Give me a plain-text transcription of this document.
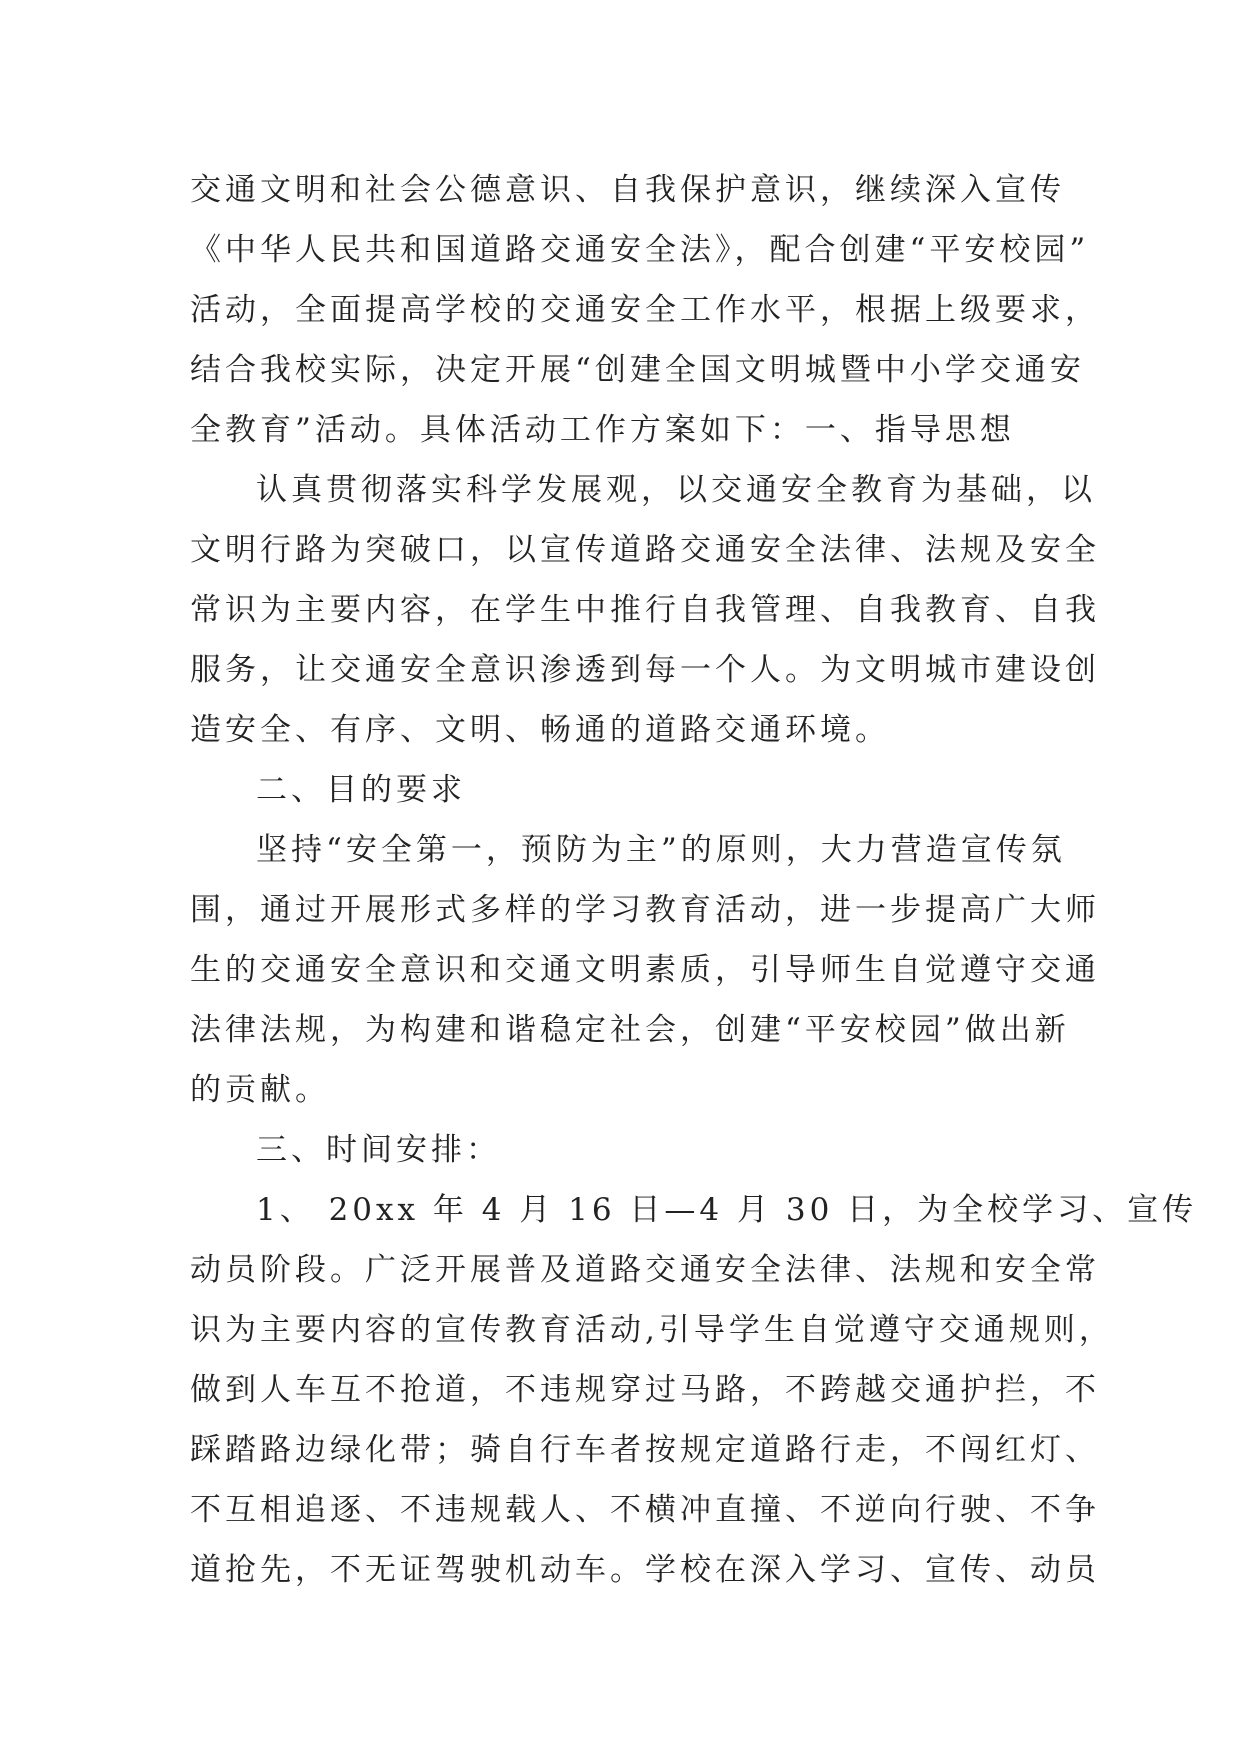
交通文明和社会公德意识、自我保护意识，继续深入宣传
《中华人民共和国道路交通安全法》，配合创建“平安校园”
活动，全面提高学校的交通安全工作水平，根据上级要求，
结合我校实际，决定开展“创建全国文明城暨中小学交通安
全教育”活动。具体活动工作方案如下：一、指导思想
认真贯彻落实科学发展观，以交通安全教育为基础，以
文明行路为突破口，以宣传道路交通安全法律、法规及安全
常识为主要内容，在学生中推行自我管理、自我教育、自我
服务，让交通安全意识渗透到每一个人。为文明城市建设创
造安全、有序、文明、畅通的道路交通环境。
二、目的要求
坚持“安全第一，预防为主”的原则，大力营造宣传氛
围，通过开展形式多样的学习教育活动，进一步提高广大师
生的交通安全意识和交通文明素质，引导师生自觉遵守交通
法律法规，为构建和谐稳定社会，创建“平安校园”做出新
的贡献。
三、时间安排：
1、 20xx 年 4 月 16 日—4 月 30 日，为全校学习、宣传
动员阶段。广泛开展普及道路交通安全法律、法规和安全常
识为主要内容的宣传教育活动,引导学生自觉遵守交通规则，
做到人车互不抢道，不违规穿过马路，不跨越交通护拦，不
踩踏路边绿化带；骑自行车者按规定道路行走，不闯红灯、
不互相追逐、不违规载人、不横冲直撞、不逆向行驶、不争
道抢先，不无证驾驶机动车。学校在深入学习、宣传、动员
